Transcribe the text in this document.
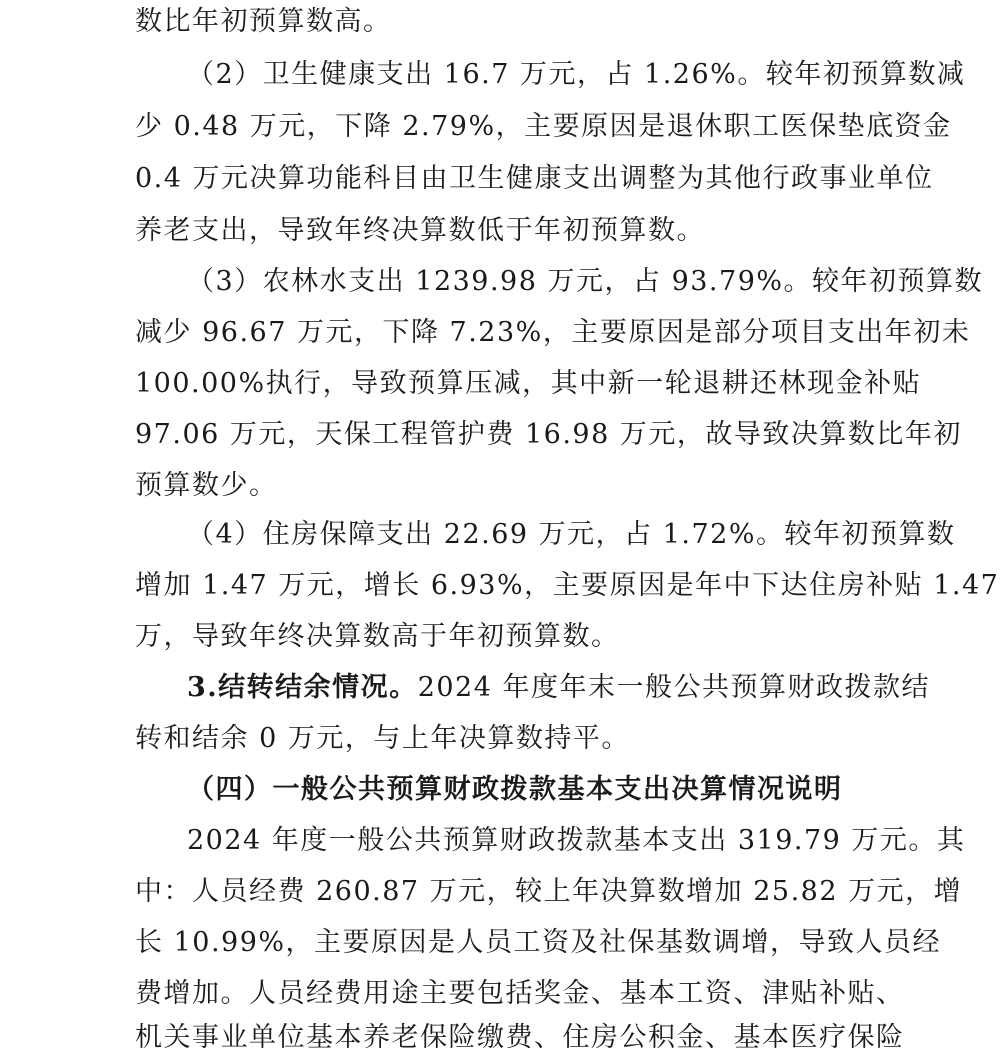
数比年初预算数高。
（2）卫生健康支出 16.7 万元，占 1.26%。较年初预算数减
少 0.48 万元，下降 2.79%，主要原因是退休职工医保垫底资金
0.4 万元决算功能科目由卫生健康支出调整为其他行政事业单位
养老支出，导致年终决算数低于年初预算数。
（3）农林水支出 1239.98 万元，占 93.79%。较年初预算数
减少 96.67 万元，下降 7.23%，主要原因是部分项目支出年初未
100.00%执行，导致预算压减，其中新一轮退耕还林现金补贴
97.06 万元，天保工程管护费 16.98 万元，故导致决算数比年初
预算数少。
（4）住房保障支出 22.69 万元，占 1.72%。较年初预算数
增加 1.47 万元，增长 6.93%，主要原因是年中下达住房补贴 1.47
万，导致年终决算数高于年初预算数。
3.结转结余情况。2024 年度年末一般公共预算财政拨款结
转和结余 0 万元，与上年决算数持平。
（四）一般公共预算财政拨款基本支出决算情况说明
2024 年度一般公共预算财政拨款基本支出 319.79 万元。其
中：人员经费 260.87 万元，较上年决算数增加 25.82 万元，增
长 10.99%，主要原因是人员工资及社保基数调增，导致人员经
费增加。人员经费用途主要包括奖金、基本工资、津贴补贴、
机关事业单位基本养老保险缴费、住房公积金、基本医疗保险
